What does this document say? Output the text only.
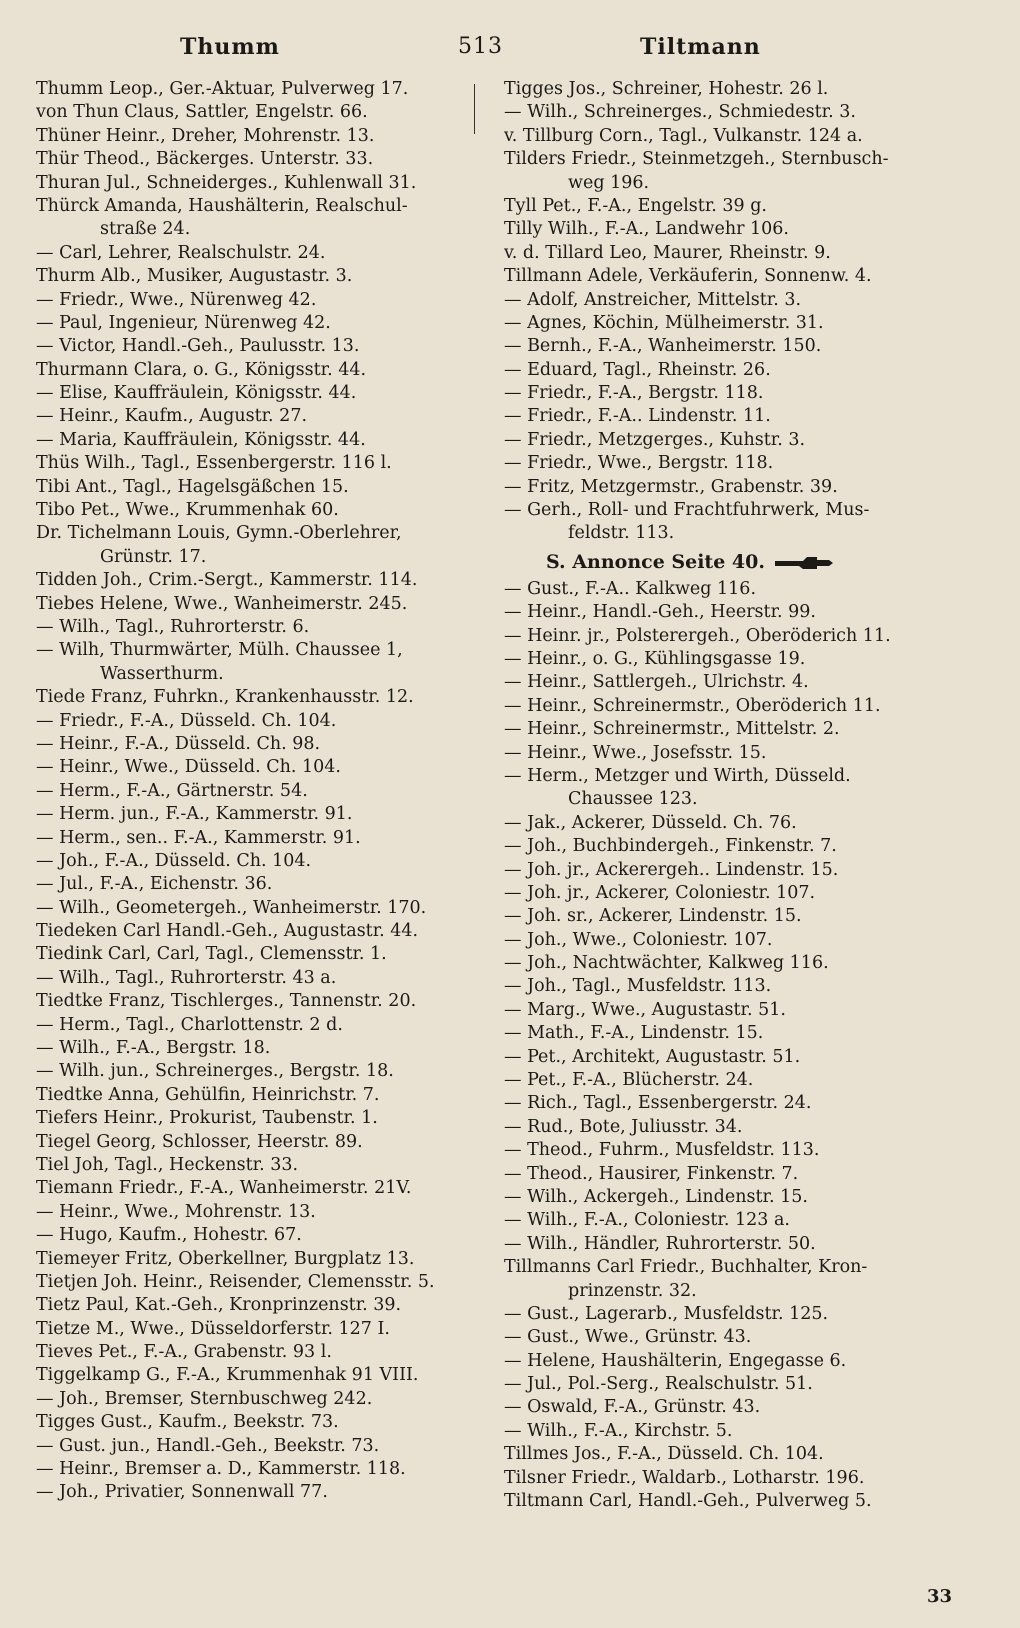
Thumm	513	Tiltmann
Thumm Leop., Ger.-Aktuar, Pulverweg 17.
von Thun Claus, Sattler, Engelstr. 66.
Thüner Heinr., Dreher, Mohrenstr. 13.
Thür Theod., Bäckerges. Unterstr. 33.
Thuran Jul., Schneiderges., Kuhlenwall 31.
Thürck Amanda, Haushälterin, Realschul-
straße 24.
— Carl, Lehrer, Realschulstr. 24.
Thurm Alb., Musiker, Augustastr. 3.
— Friedr., Wwe., Nürenweg 42.
— Paul, Ingenieur, Nürenweg 42.
— Victor, Handl.-Geh., Paulusstr. 13.
Thurmann Clara, o. G., Königsstr. 44.
— Elise, Kauffräulein, Königsstr. 44.
— Heinr., Kaufm., Augustr. 27.
— Maria, Kauffräulein, Königsstr. 44.
Thüs Wilh., Tagl., Essenbergerstr. 116 l.
Tibi Ant., Tagl., Hagelsgäßchen 15.
Tibo Pet., Wwe., Krummenhak 60.
Dr. Tichelmann Louis, Gymn.-Oberlehrer,
Grünstr. 17.
Tidden Joh., Crim.-Sergt., Kammerstr. 114.
Tiebes Helene, Wwe., Wanheimerstr. 245.
— Wilh., Tagl., Ruhrorterstr. 6.
— Wilh, Thurmwärter, Mülh. Chaussee 1,
Wasserthurm.
Tiede Franz, Fuhrkn., Krankenhausstr. 12.
— Friedr., F.-A., Düsseld. Ch. 104.
— Heinr., F.-A., Düsseld. Ch. 98.
— Heinr., Wwe., Düsseld. Ch. 104.
— Herm., F.-A., Gärtnerstr. 54.
— Herm. jun., F.-A., Kammerstr. 91.
— Herm., sen.. F.-A., Kammerstr. 91.
— Joh., F.-A., Düsseld. Ch. 104.
— Jul., F.-A., Eichenstr. 36.
— Wilh., Geometergeh., Wanheimerstr. 170.
Tiedeken Carl Handl.-Geh., Augustastr. 44.
Tiedink Carl, Carl, Tagl., Clemensstr. 1.
— Wilh., Tagl., Ruhrorterstr. 43 a.
Tiedtke Franz, Tischlerges., Tannenstr. 20.
— Herm., Tagl., Charlottenstr. 2 d.
— Wilh., F.-A., Bergstr. 18.
— Wilh. jun., Schreinerges., Bergstr. 18.
Tiedtke Anna, Gehülfin, Heinrichstr. 7.
Tiefers Heinr., Prokurist, Taubenstr. 1.
Tiegel Georg, Schlosser, Heerstr. 89.
Tiel Joh, Tagl., Heckenstr. 33.
Tiemann Friedr., F.-A., Wanheimerstr. 21V.
— Heinr., Wwe., Mohrenstr. 13.
— Hugo, Kaufm., Hohestr. 67.
Tiemeyer Fritz, Oberkellner, Burgplatz 13.
Tietjen Joh. Heinr., Reisender, Clemensstr. 5.
Tietz Paul, Kat.-Geh., Kronprinzenstr. 39.
Tietze M., Wwe., Düsseldorferstr. 127 I.
Tieves Pet., F.-A., Grabenstr. 93 l.
Tiggelkamp G., F.-A., Krummenhak 91 VIII.
— Joh., Bremser, Sternbuschweg 242.
Tigges Gust., Kaufm., Beekstr. 73.
— Gust. jun., Handl.-Geh., Beekstr. 73.
— Heinr., Bremser a. D., Kammerstr. 118.
— Joh., Privatier, Sonnenwall 77.
Tigges Jos., Schreiner, Hohestr. 26 l.
— Wilh., Schreinerges., Schmiedestr. 3.
v. Tillburg Corn., Tagl., Vulkanstr. 124 a.
Tilders Friedr., Steinmetzgeh., Sternbusch-
weg 196.
Tyll Pet., F.-A., Engelstr. 39 g.
Tilly Wilh., F.-A., Landwehr 106.
v. d. Tillard Leo, Maurer, Rheinstr. 9.
Tillmann Adele, Verkäuferin, Sonnenw. 4.
— Adolf, Anstreicher, Mittelstr. 3.
— Agnes, Köchin, Mülheimerstr. 31.
— Bernh., F.-A., Wanheimerstr. 150.
— Eduard, Tagl., Rheinstr. 26.
— Friedr., F.-A., Bergstr. 118.
— Friedr., F.-A.. Lindenstr. 11.
— Friedr., Metzgerges., Kuhstr. 3.
— Friedr., Wwe., Bergstr. 118.
— Fritz, Metzgermstr., Grabenstr. 39.
— Gerh., Roll- und Frachtfuhrwerk, Mus-
feldstr. 113.
S. Annonce Seite 40.
— Gust., F.-A.. Kalkweg 116.
— Heinr., Handl.-Geh., Heerstr. 99.
— Heinr. jr., Polsterergeh., Oberöderich 11.
— Heinr., o. G., Kühlingsgasse 19.
— Heinr., Sattlergeh., Ulrichstr. 4.
— Heinr., Schreinermstr., Oberöderich 11.
— Heinr., Schreinermstr., Mittelstr. 2.
— Heinr., Wwe., Josefsstr. 15.
— Herm., Metzger und Wirth, Düsseld.
Chaussee 123.
— Jak., Ackerer, Düsseld. Ch. 76.
— Joh., Buchbindergeh., Finkenstr. 7.
— Joh. jr., Ackerergeh.. Lindenstr. 15.
— Joh. jr., Ackerer, Coloniestr. 107.
— Joh. sr., Ackerer, Lindenstr. 15.
— Joh., Wwe., Coloniestr. 107.
— Joh., Nachtwächter, Kalkweg 116.
— Joh., Tagl., Musfeldstr. 113.
— Marg., Wwe., Augustastr. 51.
— Math., F.-A., Lindenstr. 15.
— Pet., Architekt, Augustastr. 51.
— Pet., F.-A., Blücherstr. 24.
— Rich., Tagl., Essenbergerstr. 24.
— Rud., Bote, Juliusstr. 34.
— Theod., Fuhrm., Musfeldstr. 113.
— Theod., Hausirer, Finkenstr. 7.
— Wilh., Ackergeh., Lindenstr. 15.
— Wilh., F.-A., Coloniestr. 123 a.
— Wilh., Händler, Ruhrorterstr. 50.
Tillmanns Carl Friedr., Buchhalter, Kron-
prinzenstr. 32.
— Gust., Lagerarb., Musfeldstr. 125.
— Gust., Wwe., Grünstr. 43.
— Helene, Haushälterin, Engegasse 6.
— Jul., Pol.-Serg., Realschulstr. 51.
— Oswald, F.-A., Grünstr. 43.
— Wilh., F.-A., Kirchstr. 5.
Tillmes Jos., F.-A., Düsseld. Ch. 104.
Tilsner Friedr., Waldarb., Lotharstr. 196.
Tiltmann Carl, Handl.-Geh., Pulverweg 5.
33
